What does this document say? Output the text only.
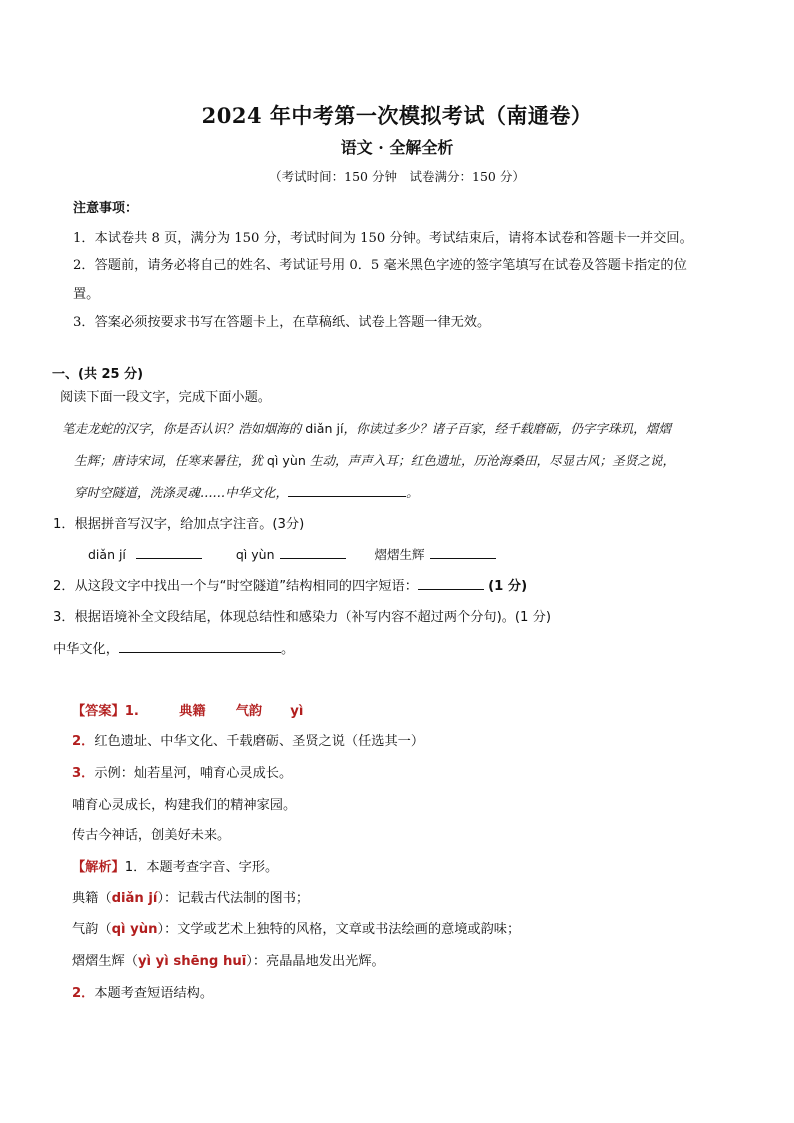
2024 年中考第一次模拟考试（南通卷）
语文 · 全解全析
（考试时间：150 分钟　试卷满分：150 分）
注意事项：
1．本试卷共 8 页，满分为 150 分，考试时间为 150 分钟。考试结束后，请将本试卷和答题卡一并交回。
2．答题前，请务必将自己的姓名、考试证号用 0．5 毫米黑色字迹的签字笔填写在试卷及答题卡指定的位
置。
3．答案必须按要求书写在答题卡上，在草稿纸、试卷上答题一律无效。
一、(共 25 分)
阅读下面一段文字，完成下面小题。
笔走龙蛇的汉字，你是否认识？浩如烟海的 diǎn jí，你读过多少？诸子百家，经千载磨砺，仍字字珠玑，熠熠
生辉；唐诗宋词，任寒来暑往，犹 qì yùn 生动，声声入耳；红色遗址，历沧海桑田，尽显古风；圣贤之说，
穿时空隧道，洗涤灵魂……中华文化，	。
1．根据拼音写汉字，给加点字注音。(3分)
diǎn jí	qì yùn	熠熠生辉
2．从这段文字中找出一个与“时空隧道”结构相同的四字短语：	(1 分)
3．根据语境补全文段结尾，体现总结性和感染力（补写内容不超过两个分句)。(1 分)
中华文化，	。
【答案】1.	典籍 气韵 yì
2．红色遗址、中华文化、千载磨砺、圣贤之说（任选其一）
3．示例：灿若星河，哺育心灵成长。
哺育心灵成长，构建我们的精神家园。
传古今神话，创美好未来。
【解析】1．本题考查字音、字形。
典籍（diǎn jí）：记载古代法制的图书；
气韵（qì yùn）：文学或艺术上独特的风格，文章或书法绘画的意境或韵味；
熠熠生辉（yì yì shēng huī）：亮晶晶地发出光辉。
2．本题考查短语结构。
